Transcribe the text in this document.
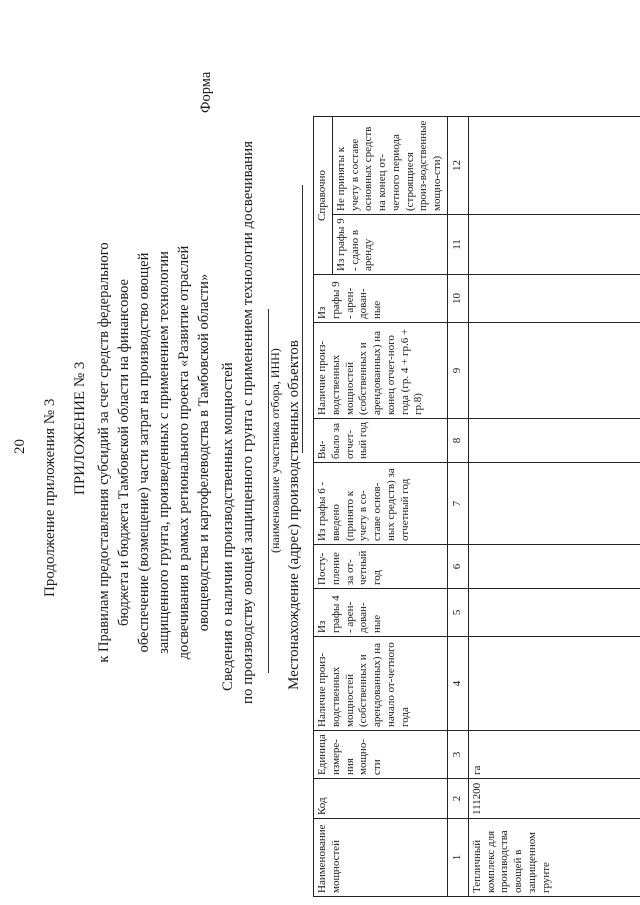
20 Продолжение приложения № 3 ПРИЛОЖЕНИЕ № 3 к Правилам предоставления субсидий за счет средств федерального бюджета и бюджета Тамбовской области на финансовое обеспечение (возмещение) части затрат на производство овощей защищенного грунта, произведенных с применением технологии досвечивания в рамках регионального проекта «Развитие отраслей овощеводства и картофелеводства в Тамбовской области»
Форма
Сведения о наличии производственных мощностей по производству овощей защищенного грунта с применением технологии досвечивания (наименование участника отбора, ИНН) Местонахождение (адрес) производственных объектов
Наименование мощностей	Код	Единица измере-ния мощно-сти	Наличие произ-водственных мощностей (собственных и арендованных) на начало от-четного года	Из графы 4 - арен-дован-ные	Посту-пление за от-четный год	Из графы 6 - введено (принято к учету в со-ставе основ-ных средств) за отчетный год	Вы-было за отчет-ный год	Наличие произ-водственных мощностей (собственных и арендованных) на конец отчет-ного года (гр. 4 + гр.6 + гр.8)	Из графы 9 - арен-дован-ные	Справочно	
										Из графы 9 - сдано в аренду	Не приняты к учету в составе основных средств на конец от-четного периода (строящиеся произ-водственные мощно-сти)
1	2	3	4	5	6	7	8	9	10	11	12
Тепличный комплекс для производства овощей в защищенном грунте	111200	га									
